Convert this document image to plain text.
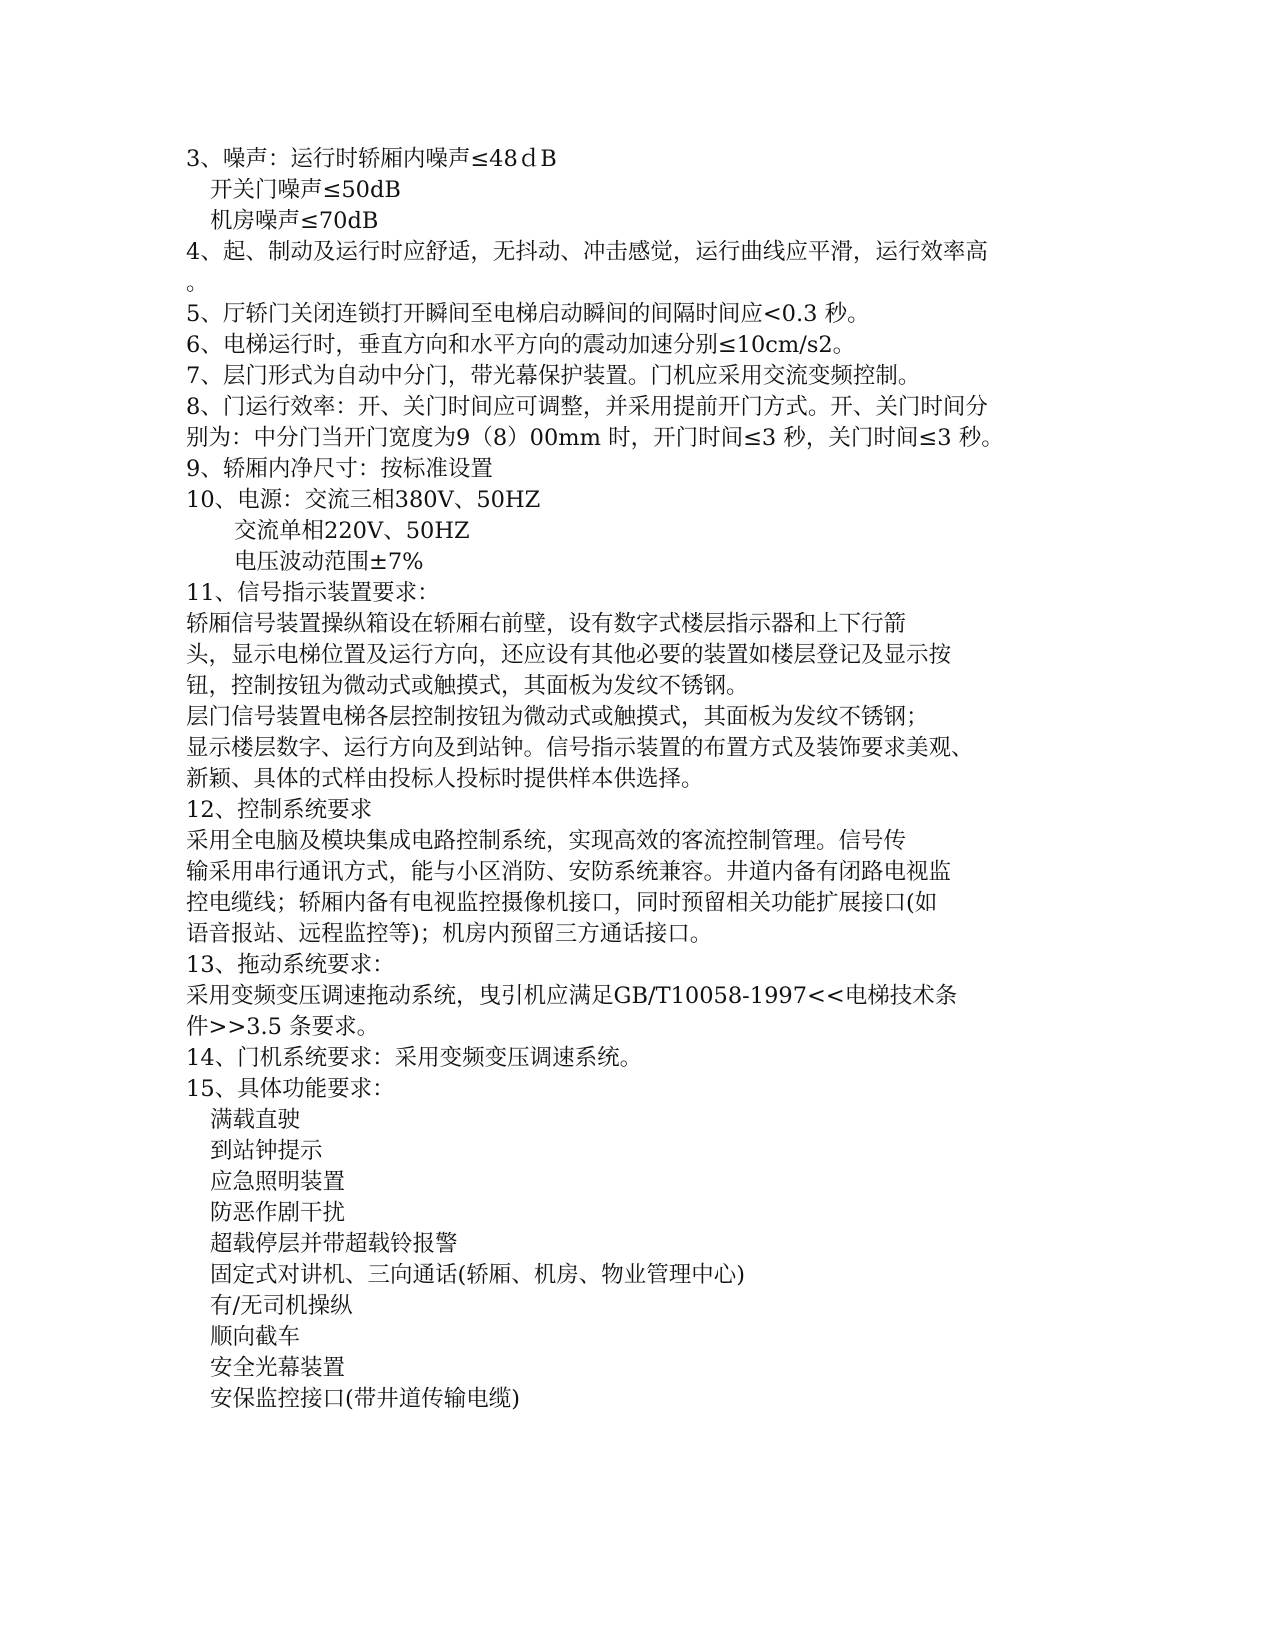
3、噪声：运行时轿厢内噪声≤48ｄB
开关门噪声≤50dB
机房噪声≤70dB
4、起、制动及运行时应舒适，无抖动、冲击感觉，运行曲线应平滑，运行效率高
。
5、厅轿门关闭连锁打开瞬间至电梯启动瞬间的间隔时间应<0.3 秒。
6、电梯运行时，垂直方向和水平方向的震动加速分别≤10cm/s2。
7、层门形式为自动中分门，带光幕保护装置。门机应采用交流变频控制。
8、门运行效率：开、关门时间应可调整，并采用提前开门方式。开、关门时间分
别为：中分门当开门宽度为9（8）00mm 时，开门时间≤3 秒，关门时间≤3 秒。
9、轿厢内净尺寸：按标准设置
10、电源：交流三相380V、50HZ
交流单相220V、50HZ
电压波动范围±7%
11、信号指示装置要求：
轿厢信号装置操纵箱设在轿厢右前壁，设有数字式楼层指示器和上下行箭
头，显示电梯位置及运行方向，还应设有其他必要的装置如楼层登记及显示按
钮，控制按钮为微动式或触摸式，其面板为发纹不锈钢。
层门信号装置电梯各层控制按钮为微动式或触摸式，其面板为发纹不锈钢；
显示楼层数字、运行方向及到站钟。信号指示装置的布置方式及装饰要求美观、
新颖、具体的式样由投标人投标时提供样本供选择。
12、控制系统要求
采用全电脑及模块集成电路控制系统，实现高效的客流控制管理。信号传
输采用串行通讯方式，能与小区消防、安防系统兼容。井道内备有闭路电视监
控电缆线；轿厢内备有电视监控摄像机接口，同时预留相关功能扩展接口(如
语音报站、远程监控等)；机房内预留三方通话接口。
13、拖动系统要求：
采用变频变压调速拖动系统，曳引机应满足GB/T10058-1997<<电梯技术条
件>>3.5 条要求。
14、门机系统要求：采用变频变压调速系统。
15、具体功能要求：
满载直驶
到站钟提示
应急照明装置
防恶作剧干扰
超载停层并带超载铃报警
固定式对讲机、三向通话(轿厢、机房、物业管理中心)
有/无司机操纵
顺向截车
安全光幕装置
安保监控接口(带井道传输电缆)
